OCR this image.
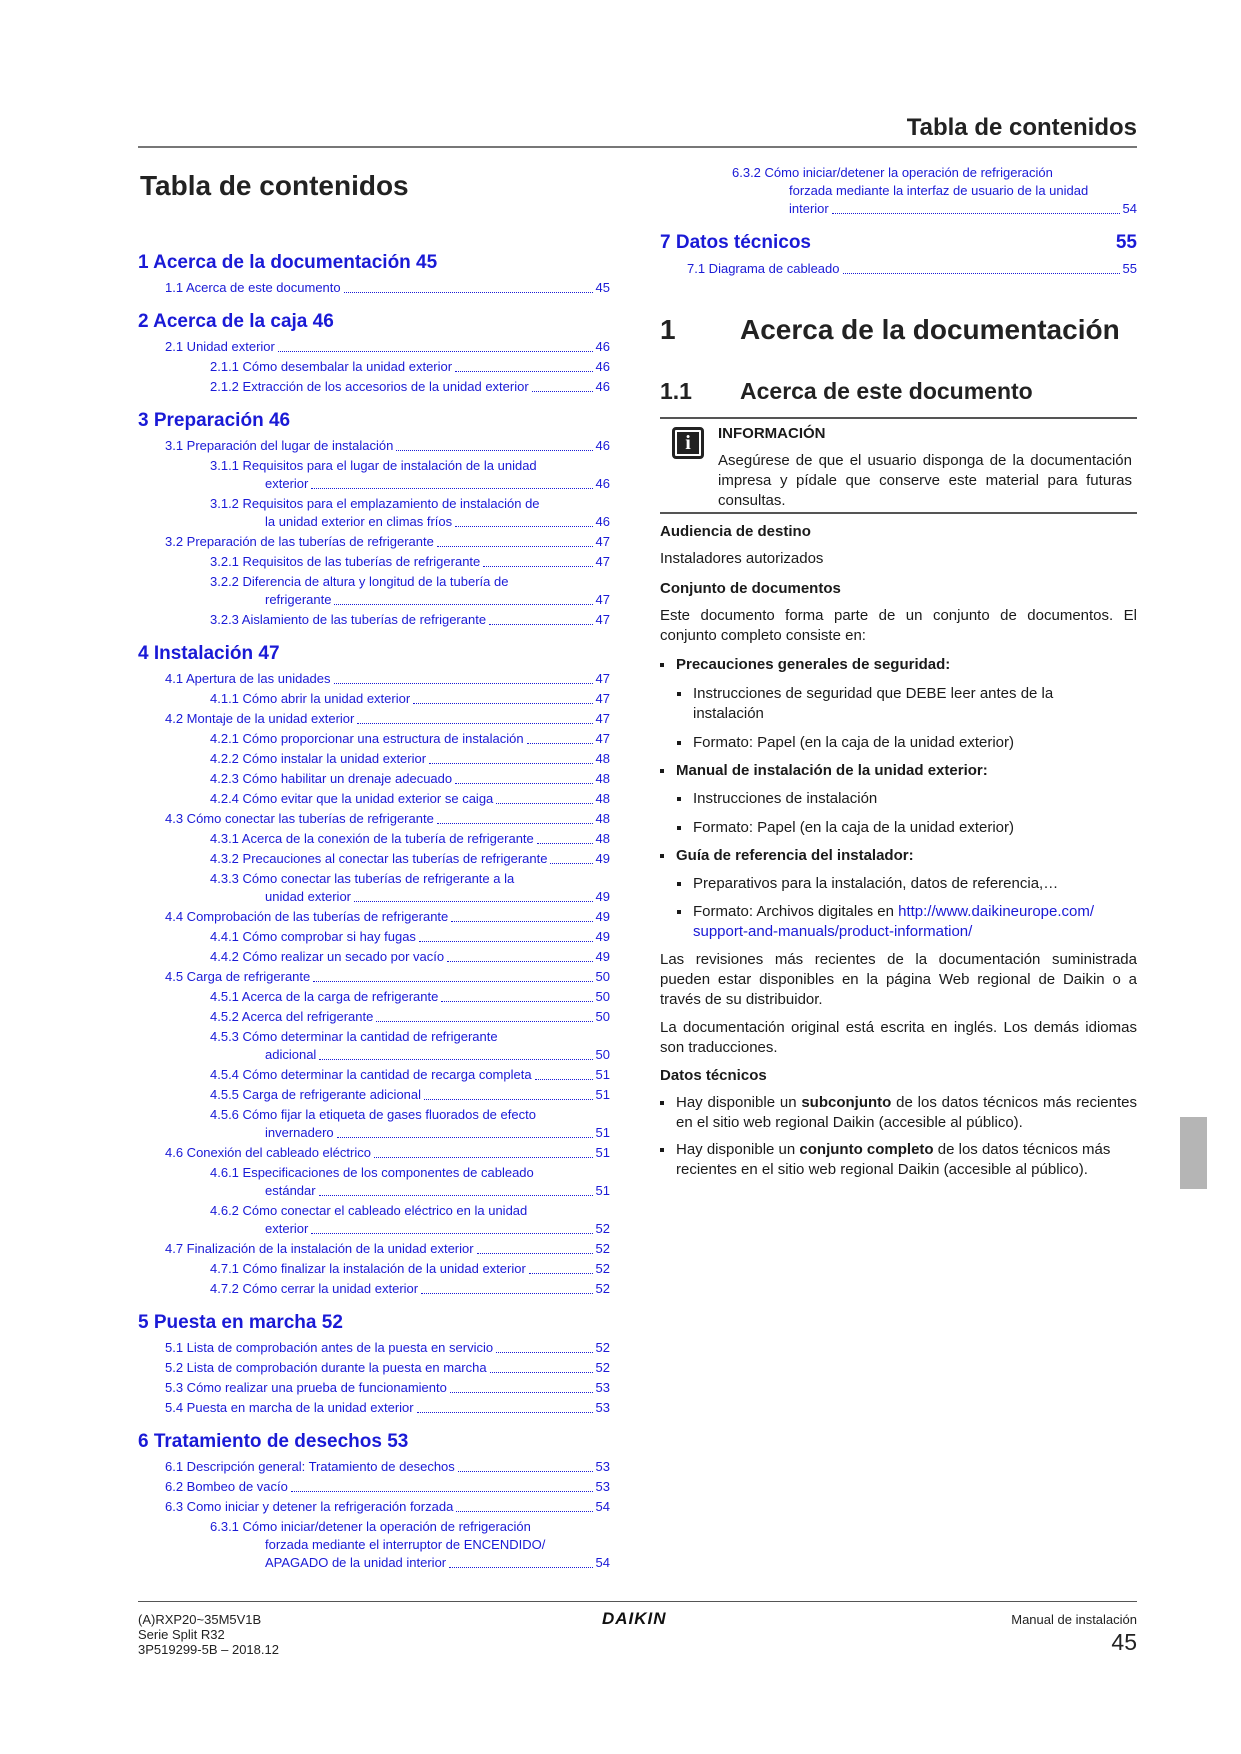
Tabla de contenidos
Tabla de contenidos
1 Acerca de la documentación 45
1.1 Acerca de este documento	45
2 Acerca de la caja 46
2.1 Unidad exterior	46
2.1.1 Cómo desembalar la unidad exterior	46
2.1.2 Extracción de los accesorios de la unidad exterior	46
3 Preparación 46
3.1 Preparación del lugar de instalación	46
3.1.1 Requisitos para el lugar de instalación de la unidad
exterior	46
3.1.2 Requisitos para el emplazamiento de instalación de
la unidad exterior en climas fríos	46
3.2 Preparación de las tuberías de refrigerante	47
3.2.1 Requisitos de las tuberías de refrigerante	47
3.2.2 Diferencia de altura y longitud de la tubería de
refrigerante	47
3.2.3 Aislamiento de las tuberías de refrigerante	47
4 Instalación 47
4.1 Apertura de las unidades	47
4.1.1 Cómo abrir la unidad exterior	47
4.2 Montaje de la unidad exterior	47
4.2.1 Cómo proporcionar una estructura de instalación	47
4.2.2 Cómo instalar la unidad exterior	48
4.2.3 Cómo habilitar un drenaje adecuado	48
4.2.4 Cómo evitar que la unidad exterior se caiga	48
4.3 Cómo conectar las tuberías de refrigerante	48
4.3.1 Acerca de la conexión de la tubería de refrigerante	48
4.3.2 Precauciones al conectar las tuberías de refrigerante	49
4.3.3 Cómo conectar las tuberías de refrigerante a la
unidad exterior	49
4.4 Comprobación de las tuberías de refrigerante	49
4.4.1 Cómo comprobar si hay fugas	49
4.4.2 Cómo realizar un secado por vacío	49
4.5 Carga de refrigerante	50
4.5.1 Acerca de la carga de refrigerante	50
4.5.2 Acerca del refrigerante	50
4.5.3 Cómo determinar la cantidad de refrigerante
adicional	50
4.5.4 Cómo determinar la cantidad de recarga completa	51
4.5.5 Carga de refrigerante adicional	51
4.5.6 Cómo fijar la etiqueta de gases fluorados de efecto
invernadero	51
4.6 Conexión del cableado eléctrico	51
4.6.1 Especificaciones de los componentes de cableado
estándar	51
4.6.2 Cómo conectar el cableado eléctrico en la unidad
exterior	52
4.7 Finalización de la instalación de la unidad exterior	52
4.7.1 Cómo finalizar la instalación de la unidad exterior	52
4.7.2 Cómo cerrar la unidad exterior	52
5 Puesta en marcha 52
5.1 Lista de comprobación antes de la puesta en servicio	52
5.2 Lista de comprobación durante la puesta en marcha	52
5.3 Cómo realizar una prueba de funcionamiento	53
5.4 Puesta en marcha de la unidad exterior	53
6 Tratamiento de desechos 53
6.1 Descripción general: Tratamiento de desechos	53
6.2 Bombeo de vacío	53
6.3 Como iniciar y detener la refrigeración forzada	54
6.3.1 Cómo iniciar/detener la operación de refrigeración
forzada mediante el interruptor de ENCENDIDO/
APAGADO de la unidad interior	54
6.3.2 Cómo iniciar/detener la operación de refrigeración
forzada mediante la interfaz de usuario de la unidad
interior	54
7 Datos técnicos	55
7.1 Diagrama de cableado	55
1 Acerca de la documentación
1.1 Acerca de este documento
i	INFORMACIÓN
Asegúrese de que el usuario disponga de la documentación impresa y pídale que conserve este material para futuras consultas.
Audiencia de destino
Instaladores autorizados
Conjunto de documentos
Este documento forma parte de un conjunto de documentos. El conjunto completo consiste en:
Precauciones generales de seguridad:
Instrucciones de seguridad que DEBE leer antes de la instalación
Formato: Papel (en la caja de la unidad exterior)
Manual de instalación de la unidad exterior:
Instrucciones de instalación
Formato: Papel (en la caja de la unidad exterior)
Guía de referencia del instalador:
Preparativos para la instalación, datos de referencia,…
Formato: Archivos digitales en http://www.daikineurope.com/ support-and-manuals/product-information/
Las revisiones más recientes de la documentación suministrada pueden estar disponibles en la página Web regional de Daikin o a través de su distribuidor.
La documentación original está escrita en inglés. Los demás idiomas son traducciones.
Datos técnicos
Hay disponible un subconjunto de los datos técnicos más recientes en el sitio web regional Daikin (accesible al público).
Hay disponible un conjunto completo de los datos técnicos más recientes en el sitio web regional Daikin (accesible al público).
(A)RXP20~35M5V1B
Serie Split R32
3P519299-5B – 2018.12
DAIKIN	Manual de instalación
45
